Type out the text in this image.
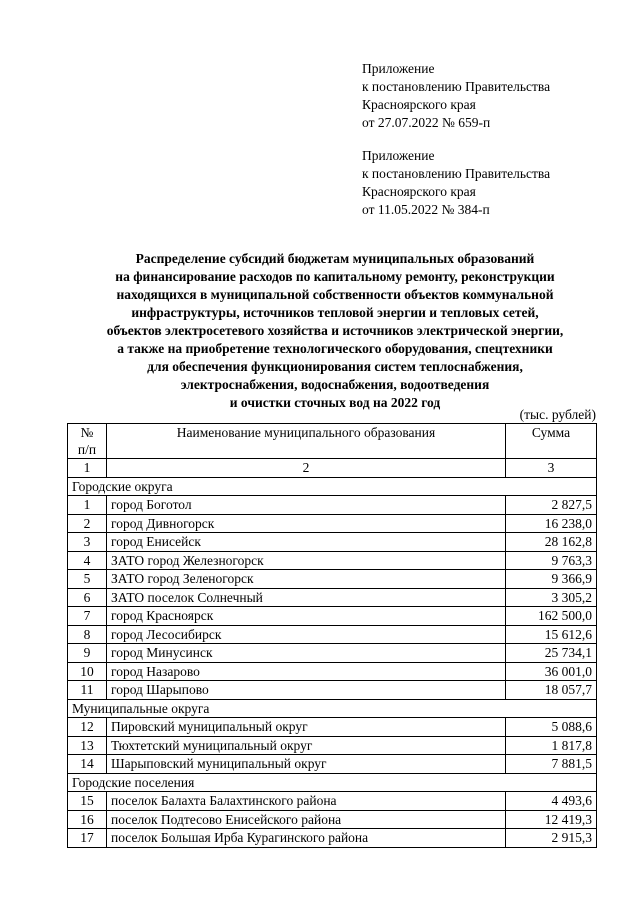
Приложение
к постановлению Правительства
Красноярского края
от 27.07.2022 № 659-п
Приложение
к постановлению Правительства
Красноярского края
от 11.05.2022 № 384-п
Распределение субсидий бюджетам муниципальных образований
на финансирование расходов по капитальному ремонту, реконструкции
находящихся в муниципальной собственности объектов коммунальной
инфраструктуры, источников тепловой энергии и тепловых сетей,
объектов электросетевого хозяйства и источников электрической энергии,
а также на приобретение технологического оборудования, спецтехники
для обеспечения функционирования систем теплоснабжения,
электроснабжения, водоснабжения, водоотведения
и очистки сточных вод на 2022 год
(тыс. рублей)
№
п/п	Наименование муниципального образования	Сумма
1	2	3
Городские округа		
1	город Боготол	2 827,5
2	город Дивногорск	16 238,0
3	город Енисейск	28 162,8
4	ЗАТО город Железногорск	9 763,3
5	ЗАТО город Зеленогорск	9 366,9
6	ЗАТО поселок Солнечный	3 305,2
7	город Красноярск	162 500,0
8	город Лесосибирск	15 612,6
9	город Минусинск	25 734,1
10	город Назарово	36 001,0
11	город Шарыпово	18 057,7
Муниципальные округа		
12	Пировский муниципальный округ	5 088,6
13	Тюхтетский муниципальный округ	1 817,8
14	Шарыповский муниципальный округ	7 881,5
Городские поселения		
15	поселок Балахта Балахтинского района	4 493,6
16	поселок Подтесово Енисейского района	12 419,3
17	поселок Большая Ирба Курагинского района	2 915,3
